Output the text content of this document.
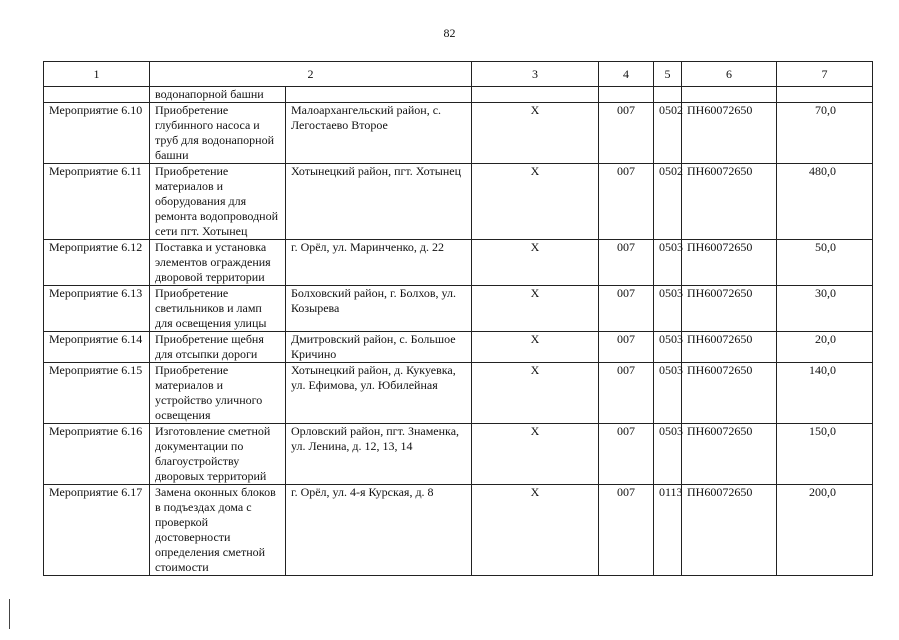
82
1	2		3	4	5	6	7
	водонапорной башни						
Мероприятие 6.10	Приобретение глубинного насоса и труб для водонапорной башни	Малоархангельский район, с. Легостаево Второе	Х	007	0502	ПН60072650	70,0
Мероприятие 6.11	Приобретение материалов и оборудования для ремонта водопроводной сети пгт. Хотынец	Хотынецкий район, пгт. Хотынец	Х	007	0502	ПН60072650	480,0
Мероприятие 6.12	Поставка и установка элементов ограждения дворовой территории	г. Орёл, ул. Маринченко, д. 22	Х	007	0503	ПН60072650	50,0
Мероприятие 6.13	Приобретение светильников и ламп для освещения улицы	Болховский район, г. Болхов, ул. Козырева	Х	007	0503	ПН60072650	30,0
Мероприятие 6.14	Приобретение щебня для отсыпки дороги	Дмитровский район, с. Большое Кричино	Х	007	0503	ПН60072650	20,0
Мероприятие 6.15	Приобретение материалов и устройство уличного освещения	Хотынецкий район, д. Кукуевка, ул. Ефимова, ул. Юбилейная	Х	007	0503	ПН60072650	140,0
Мероприятие 6.16	Изготовление сметной документации по благоустройству дворовых территорий	Орловский район, пгт. Знаменка, ул. Ленина, д. 12, 13, 14	Х	007	0503	ПН60072650	150,0
Мероприятие 6.17	Замена оконных блоков в подъездах дома с проверкой достоверности определения сметной стоимости	г. Орёл, ул. 4-я Курская, д. 8	Х	007	0113	ПН60072650	200,0
